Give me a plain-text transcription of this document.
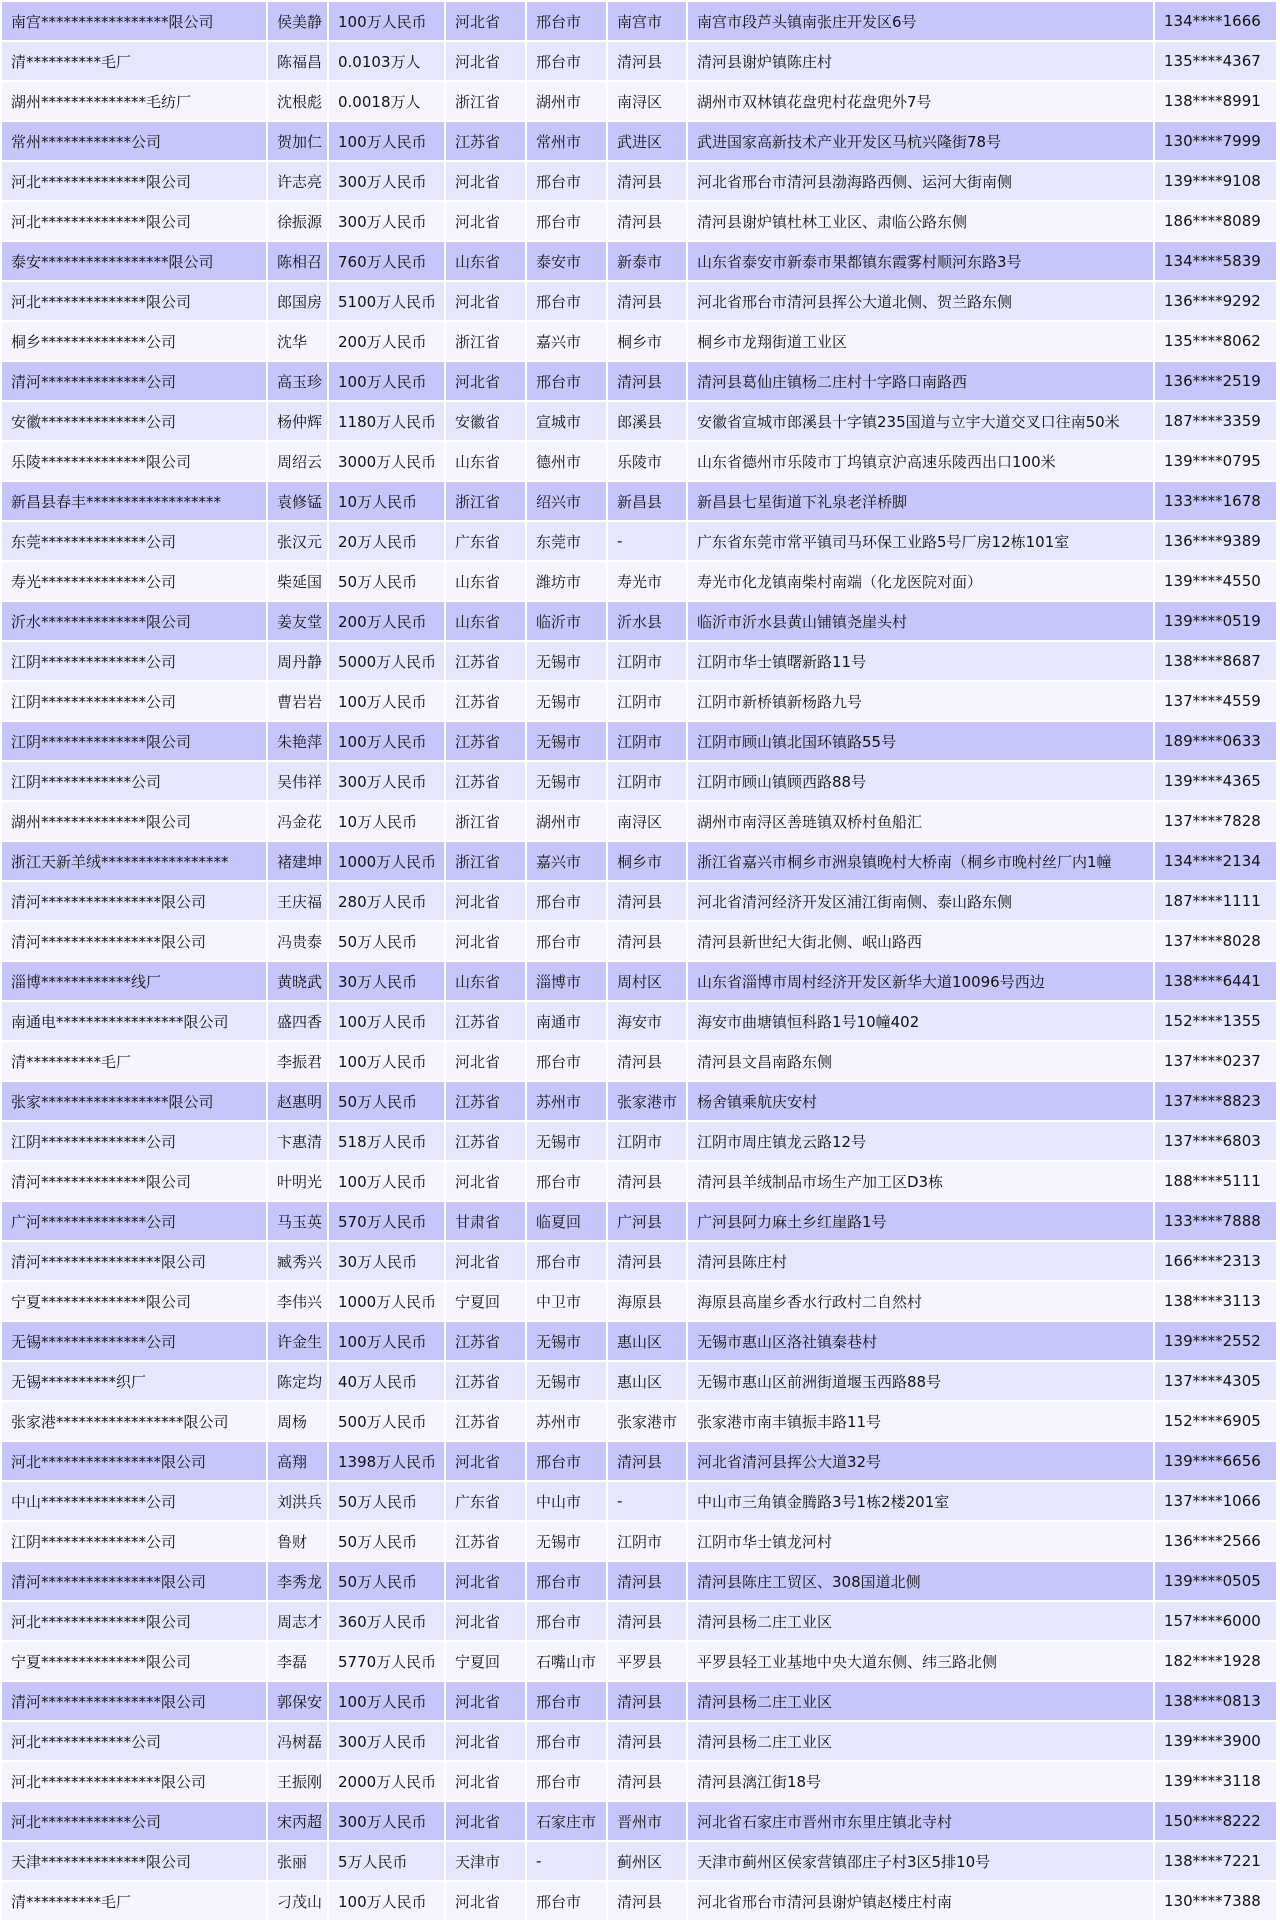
南宫*****************限公司	侯美静	100万人民币	河北省	邢台市	南宫市	南宫市段芦头镇南张庄开发区6号	134****1666
清**********毛厂	陈福昌	0.0103万人	河北省	邢台市	清河县	清河县谢炉镇陈庄村	135****4367
湖州**************毛纺厂	沈根彪	0.0018万人	浙江省	湖州市	南浔区	湖州市双林镇花盘兜村花盘兜外7号	138****8991
常州************公司	贺加仁	100万人民币	江苏省	常州市	武进区	武进国家高新技术产业开发区马杭兴隆街78号	130****7999
河北**************限公司	许志亮	300万人民币	河北省	邢台市	清河县	河北省邢台市清河县渤海路西侧、运河大街南侧	139****9108
河北**************限公司	徐振源	300万人民币	河北省	邢台市	清河县	清河县谢炉镇杜林工业区、肃临公路东侧	186****8089
泰安*****************限公司	陈相召	760万人民币	山东省	泰安市	新泰市	山东省泰安市新泰市果都镇东霞雾村顺河东路3号	134****5839
河北**************限公司	郎国房	5100万人民币	河北省	邢台市	清河县	河北省邢台市清河县挥公大道北侧、贺兰路东侧	136****9292
桐乡**************公司	沈华	200万人民币	浙江省	嘉兴市	桐乡市	桐乡市龙翔街道工业区	135****8062
清河**************公司	高玉珍	100万人民币	河北省	邢台市	清河县	清河县葛仙庄镇杨二庄村十字路口南路西	136****2519
安徽**************公司	杨仲辉	1180万人民币	安徽省	宣城市	郎溪县	安徽省宣城市郎溪县十字镇235国道与立宇大道交叉口往南50米	187****3359
乐陵**************限公司	周绍云	3000万人民币	山东省	德州市	乐陵市	山东省德州市乐陵市丁坞镇京沪高速乐陵西出口100米	139****0795
新昌县春丰******************	袁修锰	10万人民币	浙江省	绍兴市	新昌县	新昌县七星街道下礼泉老洋桥脚	133****1678
东莞**************公司	张汉元	20万人民币	广东省	东莞市	-	广东省东莞市常平镇司马环保工业路5号厂房12栋101室	136****9389
寿光**************公司	柴延国	50万人民币	山东省	潍坊市	寿光市	寿光市化龙镇南柴村南端（化龙医院对面）	139****4550
沂水**************限公司	姜友堂	200万人民币	山东省	临沂市	沂水县	临沂市沂水县黄山铺镇尧崖头村	139****0519
江阴**************公司	周丹静	5000万人民币	江苏省	无锡市	江阴市	江阴市华士镇曙新路11号	138****8687
江阴**************公司	曹岩岩	100万人民币	江苏省	无锡市	江阴市	江阴市新桥镇新杨路九号	137****4559
江阴**************限公司	朱艳萍	100万人民币	江苏省	无锡市	江阴市	江阴市顾山镇北国环镇路55号	189****0633
江阴************公司	吴伟祥	300万人民币	江苏省	无锡市	江阴市	江阴市顾山镇顾西路88号	139****4365
湖州**************限公司	冯金花	10万人民币	浙江省	湖州市	南浔区	湖州市南浔区善琏镇双桥村鱼船汇	137****7828
浙江天新羊绒*****************	褚建坤	1000万人民币	浙江省	嘉兴市	桐乡市	浙江省嘉兴市桐乡市洲泉镇晚村大桥南（桐乡市晚村丝厂内1幢	134****2134
清河****************限公司	王庆福	280万人民币	河北省	邢台市	清河县	河北省清河经济开发区浦江街南侧、泰山路东侧	187****1111
清河****************限公司	冯贵泰	50万人民币	河北省	邢台市	清河县	清河县新世纪大街北侧、岷山路西	137****8028
淄博************线厂	黄晓武	30万人民币	山东省	淄博市	周村区	山东省淄博市周村经济开发区新华大道10096号西边	138****6441
南通电*****************限公司	盛四香	100万人民币	江苏省	南通市	海安市	海安市曲塘镇恒科路1号10幢402	152****1355
清**********毛厂	李振君	100万人民币	河北省	邢台市	清河县	清河县文昌南路东侧	137****0237
张家*****************限公司	赵惠明	50万人民币	江苏省	苏州市	张家港市	杨舍镇乘航庆安村	137****8823
江阴**************公司	卞惠清	518万人民币	江苏省	无锡市	江阴市	江阴市周庄镇龙云路12号	137****6803
清河**************限公司	叶明光	100万人民币	河北省	邢台市	清河县	清河县羊绒制品市场生产加工区D3栋	188****5111
广河**************公司	马玉英	570万人民币	甘肃省	临夏回	广河县	广河县阿力麻土乡红崖路1号	133****7888
清河****************限公司	臧秀兴	30万人民币	河北省	邢台市	清河县	清河县陈庄村	166****2313
宁夏**************限公司	李伟兴	1000万人民币	宁夏回	中卫市	海原县	海原县高崖乡香水行政村二自然村	138****3113
无锡**************公司	许金生	100万人民币	江苏省	无锡市	惠山区	无锡市惠山区洛社镇秦巷村	139****2552
无锡**********织厂	陈定均	40万人民币	江苏省	无锡市	惠山区	无锡市惠山区前洲街道堰玉西路88号	137****4305
张家港*****************限公司	周杨	500万人民币	江苏省	苏州市	张家港市	张家港市南丰镇振丰路11号	152****6905
河北****************限公司	高翔	1398万人民币	河北省	邢台市	清河县	河北省清河县挥公大道32号	139****6656
中山**************公司	刘洪兵	50万人民币	广东省	中山市	-	中山市三角镇金腾路3号1栋2楼201室	137****1066
江阴**************公司	鲁财	50万人民币	江苏省	无锡市	江阴市	江阴市华士镇龙河村	136****2566
清河****************限公司	李秀龙	50万人民币	河北省	邢台市	清河县	清河县陈庄工贸区、308国道北侧	139****0505
河北**************限公司	周志才	360万人民币	河北省	邢台市	清河县	清河县杨二庄工业区	157****6000
宁夏**************限公司	李磊	5770万人民币	宁夏回	石嘴山市	平罗县	平罗县轻工业基地中央大道东侧、纬三路北侧	182****1928
清河****************限公司	郭保安	100万人民币	河北省	邢台市	清河县	清河县杨二庄工业区	138****0813
河北************公司	冯树磊	300万人民币	河北省	邢台市	清河县	清河县杨二庄工业区	139****3900
河北****************限公司	王振刚	2000万人民币	河北省	邢台市	清河县	清河县漓江街18号	139****3118
河北************公司	宋丙超	300万人民币	河北省	石家庄市	晋州市	河北省石家庄市晋州市东里庄镇北寺村	150****8222
天津**************限公司	张丽	5万人民币	天津市	-	蓟州区	天津市蓟州区侯家营镇邵庄子村3区5排10号	138****7221
清**********毛厂	刁茂山	100万人民币	河北省	邢台市	清河县	河北省邢台市清河县谢炉镇赵楼庄村南	130****7388
